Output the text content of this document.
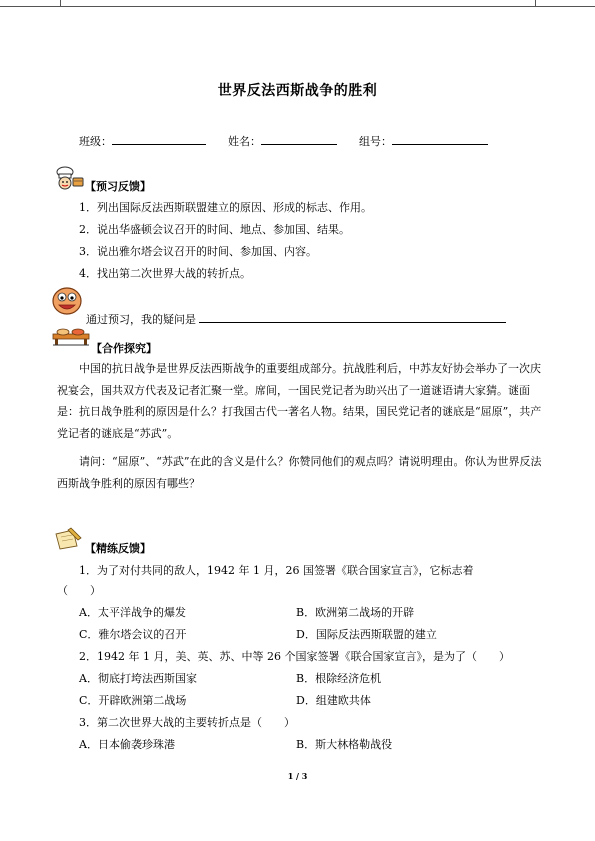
世界反法西斯战争的胜利
班级：	姓名：	组号：
【预习反馈】
1．列出国际反法西斯联盟建立的原因、形成的标志、作用。
2．说出华盛顿会议召开的时间、地点、参加国、结果。
3．说出雅尔塔会议召开的时间、参加国、内容。
4．找出第二次世界大战的转折点。
通过预习，我的疑问是
【合作探究】
中国的抗日战争是世界反法西斯战争的重要组成部分。抗战胜利后，中苏友好协会举办了一次庆祝宴会，国共双方代表及记者汇聚一堂。席间，一国民党记者为助兴出了一道谜语请大家猜。谜面是：抗日战争胜利的原因是什么？打我国古代一著名人物。结果，国民党记者的谜底是“屈原”，共产党记者的谜底是“苏武”。
请问：“屈原”、“苏武”在此的含义是什么？你赞同他们的观点吗？请说明理由。你认为世界反法西斯战争胜利的原因有哪些？
【精练反馈】
1．为了对付共同的敌人，1942 年 1 月，26 国签署《联合国家宣言》，它标志着
（　　）
A．太平洋战争的爆发	B．欧洲第二战场的开辟
C．雅尔塔会议的召开	D．国际反法西斯联盟的建立
2．1942 年 1 月，美、英、苏、中等 26 个国家签署《联合国家宣言》，是为了（　　）
A．彻底打垮法西斯国家	B．根除经济危机
C．开辟欧洲第二战场	D．组建欧共体
3．第二次世界大战的主要转折点是（　　）
A．日本偷袭珍珠港	B．斯大林格勒战役
1 / 3
